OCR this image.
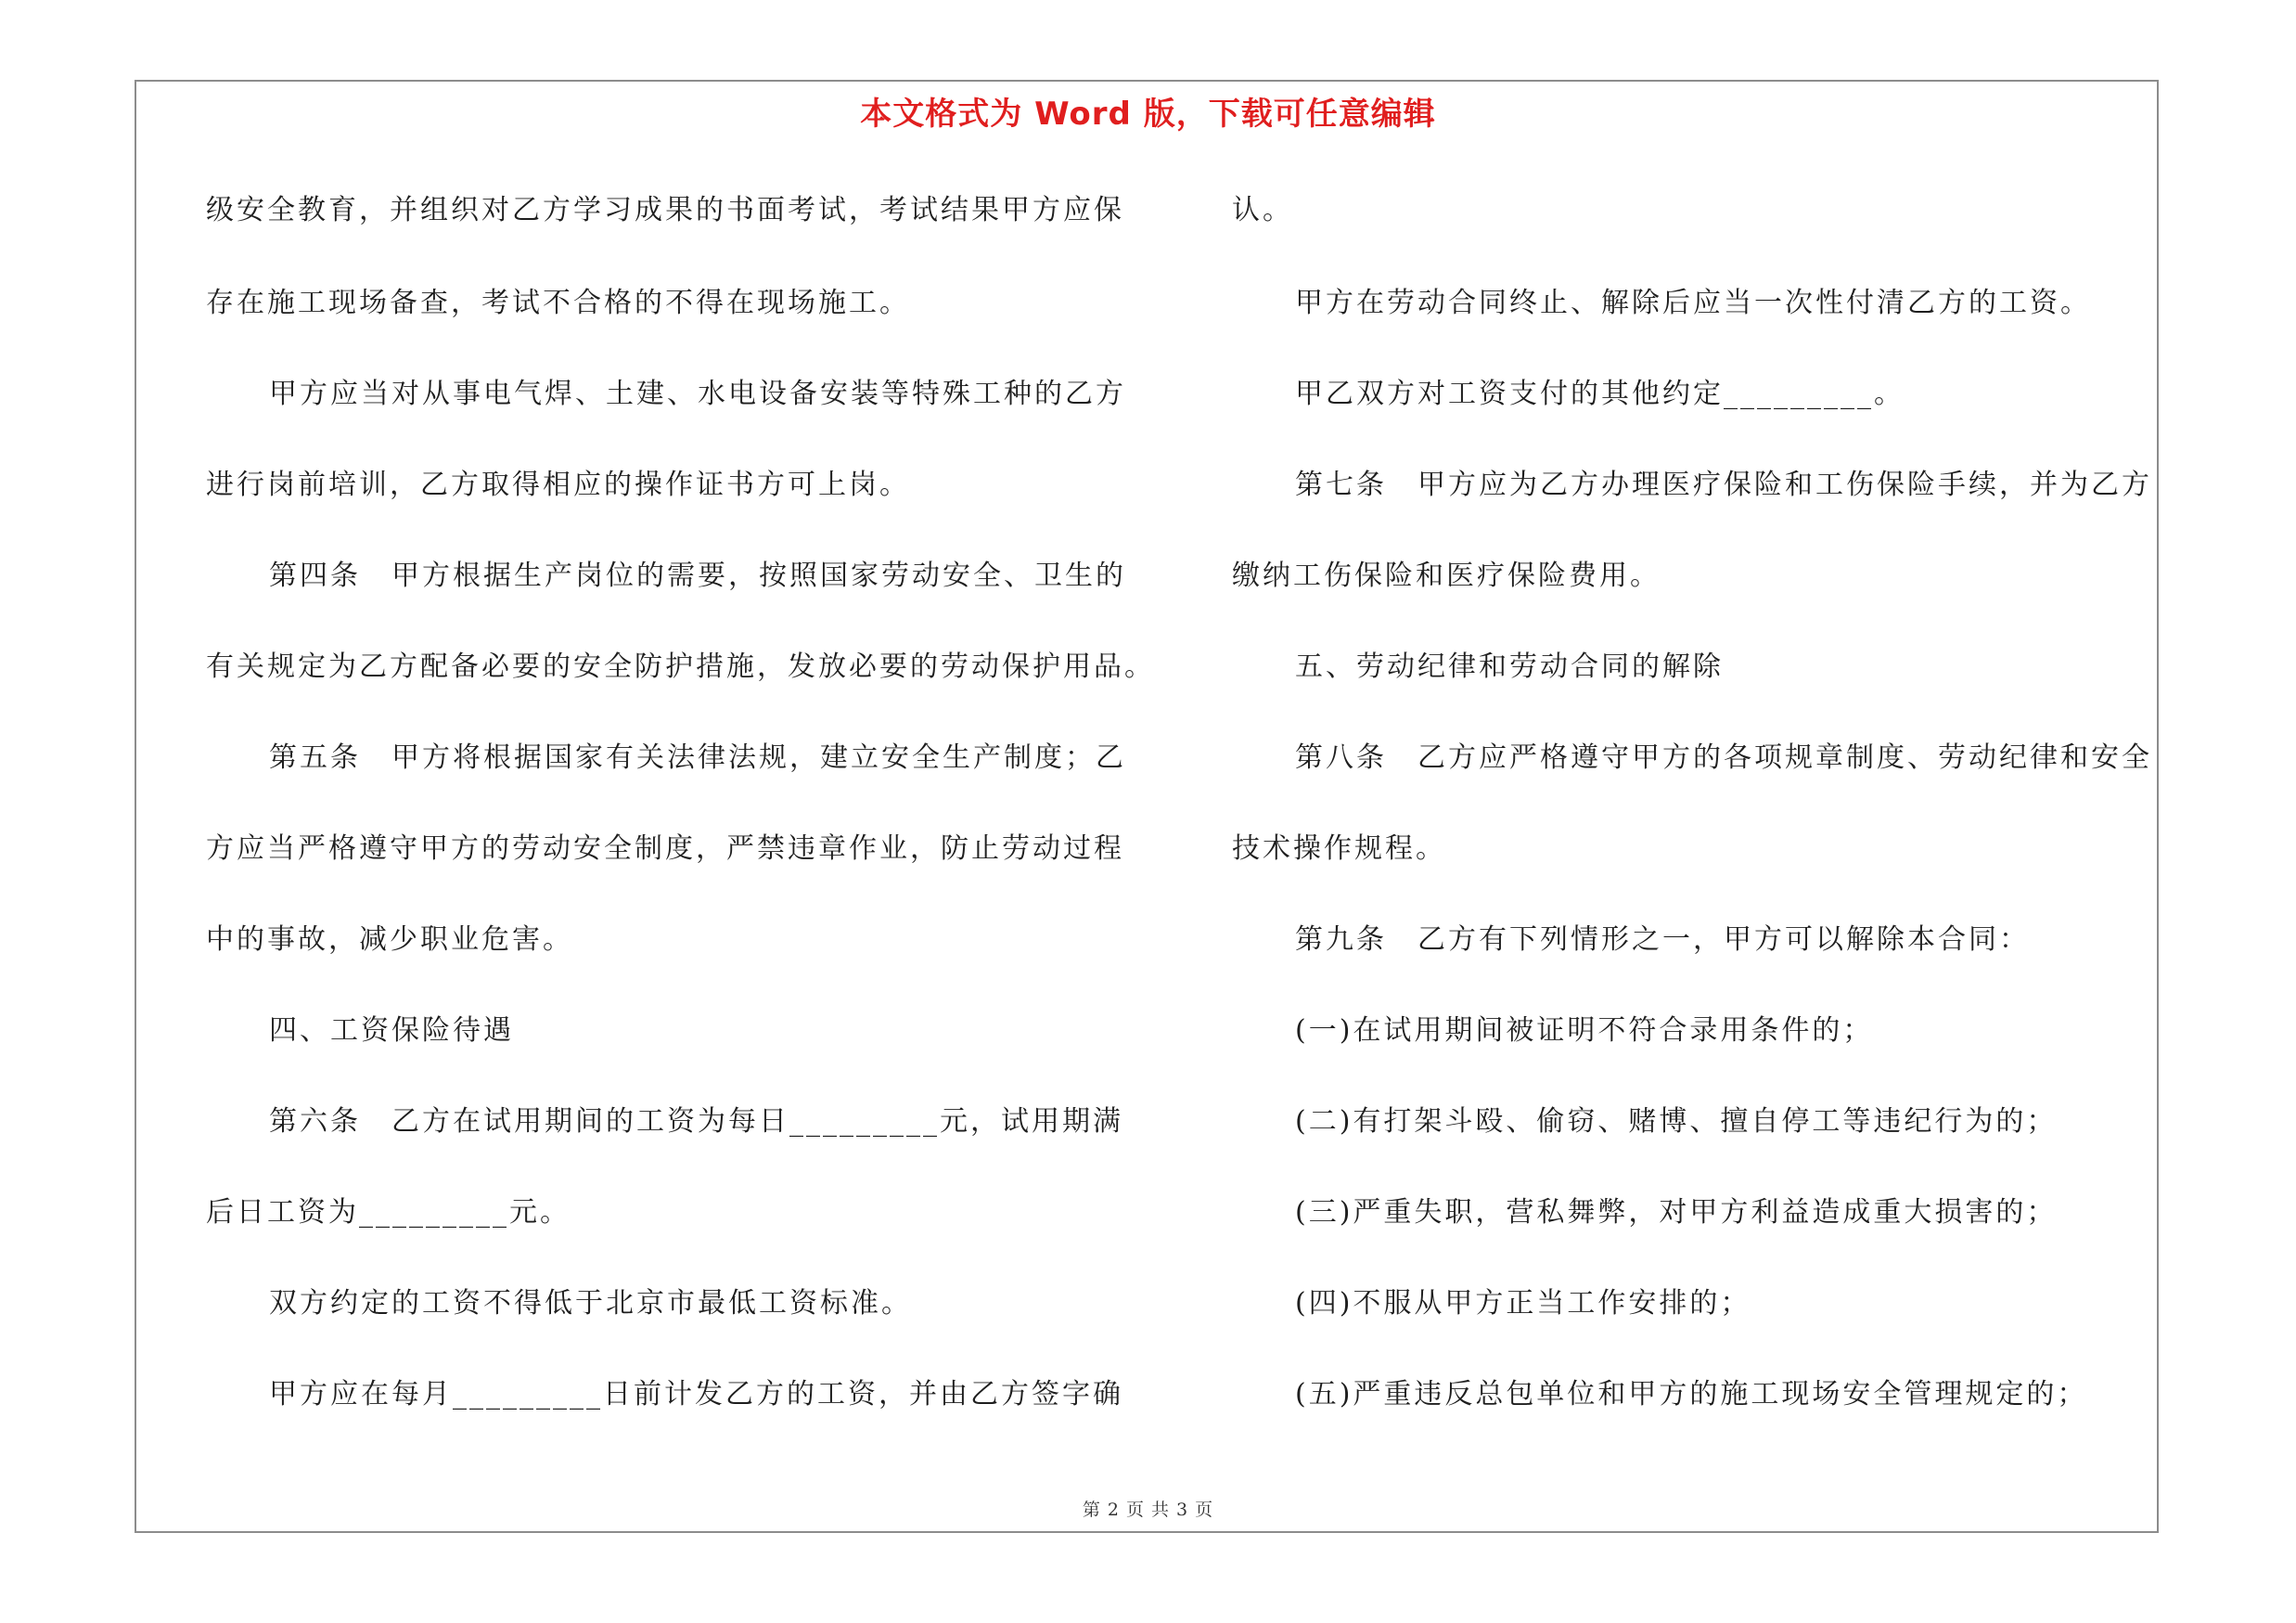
本文格式为 Word 版，下载可任意编辑
级安全教育，并组织对乙方学习成果的书面考试，考试结果甲方应保
存在施工现场备查，考试不合格的不得在现场施工。
甲方应当对从事电气焊、土建、水电设备安装等特殊工种的乙方
进行岗前培训，乙方取得相应的操作证书方可上岗。
第四条　甲方根据生产岗位的需要，按照国家劳动安全、卫生的
有关规定为乙方配备必要的安全防护措施，发放必要的劳动保护用品。
第五条　甲方将根据国家有关法律法规，建立安全生产制度；乙
方应当严格遵守甲方的劳动安全制度，严禁违章作业，防止劳动过程
中的事故，减少职业危害。
四、工资保险待遇
第六条　乙方在试用期间的工资为每日_________元，试用期满
后日工资为_________元。
双方约定的工资不得低于北京市最低工资标准。
甲方应在每月_________日前计发乙方的工资，并由乙方签字确
认。
甲方在劳动合同终止、解除后应当一次性付清乙方的工资。
甲乙双方对工资支付的其他约定_________。
第七条　甲方应为乙方办理医疗保险和工伤保险手续，并为乙方
缴纳工伤保险和医疗保险费用。
五、劳动纪律和劳动合同的解除
第八条　乙方应严格遵守甲方的各项规章制度、劳动纪律和安全
技术操作规程。
第九条　乙方有下列情形之一，甲方可以解除本合同：
(一)在试用期间被证明不符合录用条件的；
(二)有打架斗殴、偷窃、赌博、擅自停工等违纪行为的；
(三)严重失职，营私舞弊，对甲方利益造成重大损害的；
(四)不服从甲方正当工作安排的；
(五)严重违反总包单位和甲方的施工现场安全管理规定的；
第 2 页 共 3 页
